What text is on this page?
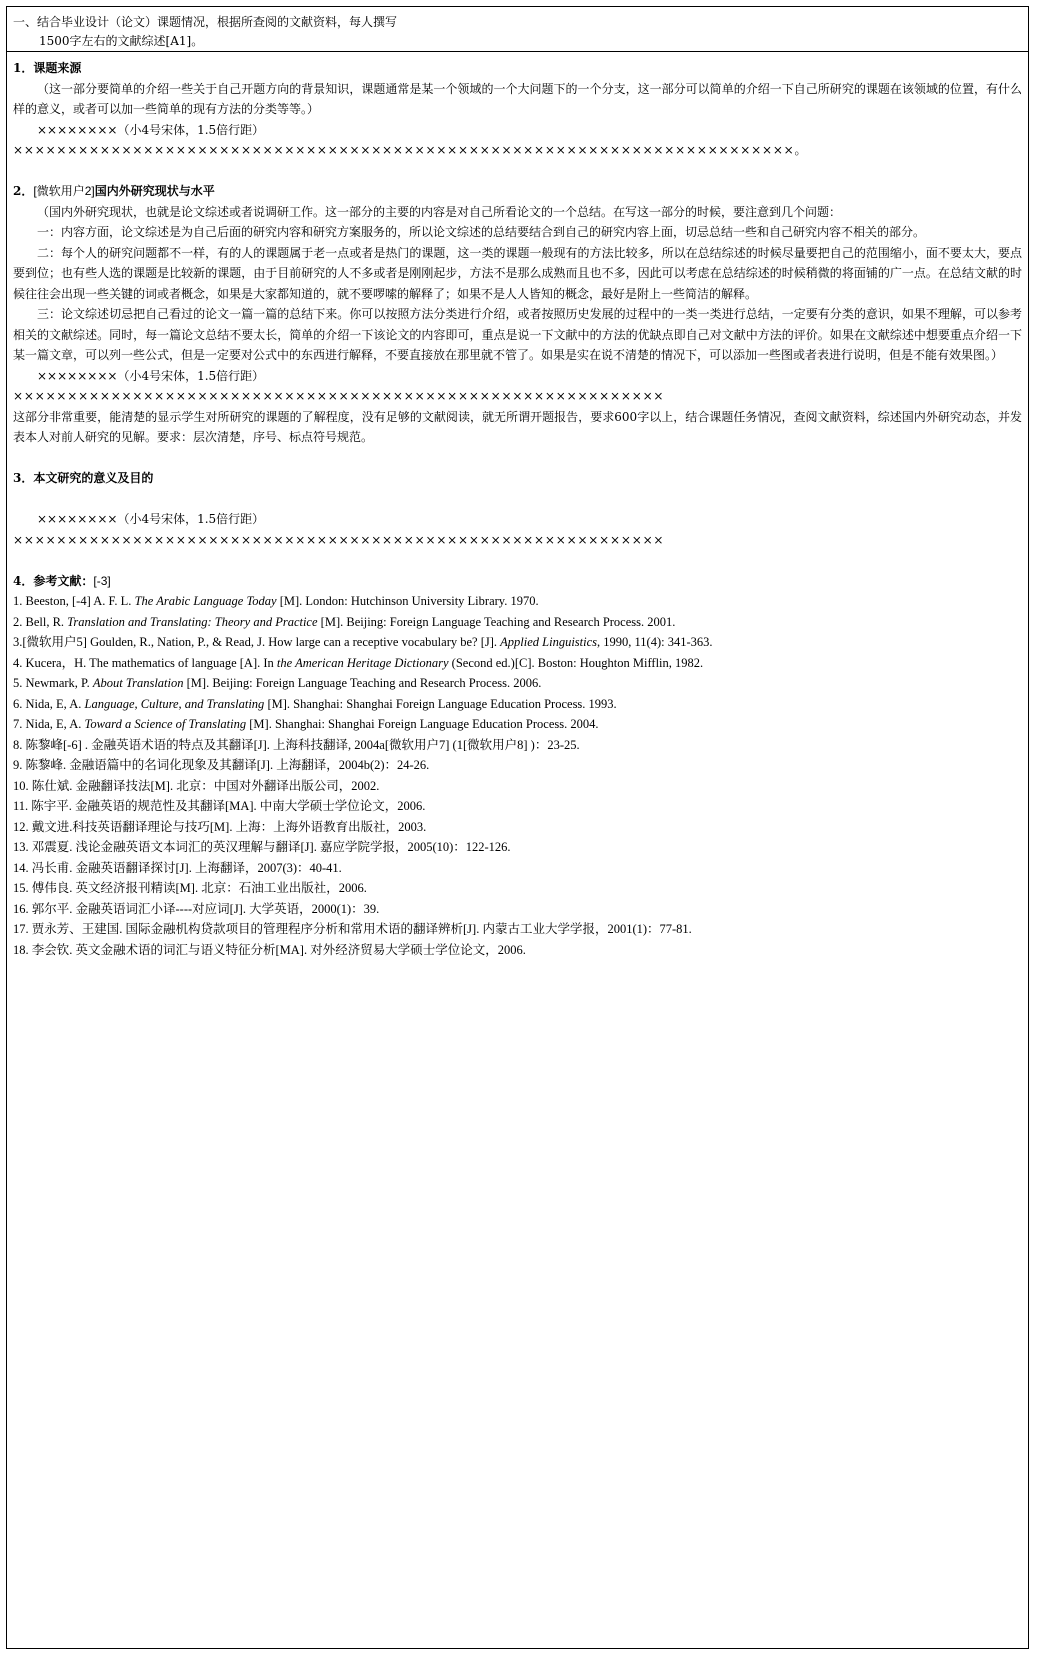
一、结合毕业设计（论文）课题情况，根据所查阅的文献资料，每人撰写
1500字左右的文献综述[A1]。

1．课题来源

（这一部分要简单的介绍一些关于自己开题方向的背景知识，课题通常是某一个领域的一个大问题下的一个分支，这一部分可以简单的介绍一下自己所研究的课题在该领域的位置，有什么样的意义，或者可以加一些简单的现有方法的分类等等。）

××××××××（小4号宋体，1.5倍行距）

××××××××××××××××××××××××××××××××××××××××××××××××××××××××××××××××××××××××。

2．[微软用户2]国内外研究现状与水平

（国内外研究现状，也就是论文综述或者说调研工作。这一部分的主要的内容是对自己所看论文的一个总结。在写这一部分的时候，要注意到几个问题：

一：内容方面，论文综述是为自己后面的研究内容和研究方案服务的，所以论文综述的总结要结合到自己的研究内容上面，切忌总结一些和自己研究内容不相关的部分。

二：每个人的研究问题都不一样，有的人的课题属于老一点或者是热门的课题，这一类的课题一般现有的方法比较多，所以在总结综述的时候尽量要把自己的范围缩小，面不要太大，要点要到位；也有些人选的课题是比较新的课题，由于目前研究的人不多或者是刚刚起步，方法不是那么成熟而且也不多，因此可以考虑在总结综述的时候稍微的将面铺的广一点。在总结文献的时候往往会出现一些关键的词或者概念，如果是大家都知道的，就不要啰嗦的解释了；如果不是人人皆知的概念，最好是附上一些简洁的解释。

三：论文综述切忌把自己看过的论文一篇一篇的总结下来。你可以按照方法分类进行介绍，或者按照历史发展的过程中的一类一类进行总结，一定要有分类的意识，如果不理解，可以参考相关的文献综述。同时，每一篇论文总结不要太长，简单的介绍一下该论文的内容即可，重点是说一下文献中的方法的优缺点即自己对文献中方法的评价。如果在文献综述中想要重点介绍一下某一篇文章，可以列一些公式，但是一定要对公式中的东西进行解释，不要直接放在那里就不管了。如果是实在说不清楚的情况下，可以添加一些图或者表进行说明，但是不能有效果图。）

××××××××（小4号宋体，1.5倍行距）

××××××××××××××××××××××××××××××××××××××××××××××××××××××××××××

这部分非常重要，能清楚的显示学生对所研究的课题的了解程度，没有足够的文献阅读，就无所谓开题报告，要求600字以上，结合课题任务情况，查阅文献资料，综述国内外研究动态，并发表本人对前人研究的见解。要求：层次清楚，序号、标点符号规范。

3．本文研究的意义及目的

××××××××（小4号宋体，1.5倍行距）

××××××××××××××××××××××××××××××××××××××××××××××××××××××××××××

4．参考文献：[-3]

1. Beeston, [-4] A. F. L. The Arabic Language Today [M]. London: Hutchinson University Library. 1970.

2. Bell, R. Translation and Translating: Theory and Practice [M]. Beijing: Foreign Language Teaching and Research Process. 2001.

3.[微软用户5] Goulden, R., Nation, P., & Read, J. How large can a receptive vocabulary be? [J]. Applied Linguistics, 1990, 11(4): 341-363.

4. Kucera，H. The mathematics of language [A]. In the American Heritage Dictionary (Second ed.)[C]. Boston: Houghton Mifflin, 1982.

5. Newmark, P. About Translation [M]. Beijing: Foreign Language Teaching and Research Process. 2006.

6. Nida, E, A. Language, Culture, and Translating [M]. Shanghai: Shanghai Foreign Language Education Process. 1993.

7. Nida, E, A. Toward a Science of Translating [M]. Shanghai: Shanghai Foreign Language Education Process. 2004.

8. 陈黎峰[-6] . 金融英语术语的特点及其翻译[J]. 上海科技翻译, 2004a[微软用户7] (1[微软用户8] )：23-25.

9. 陈黎峰. 金融语篇中的名词化现象及其翻译[J]. 上海翻译，2004b(2)：24-26.

10. 陈仕斌. 金融翻译技法[M]. 北京：中国对外翻译出版公司，2002.

11. 陈宇平. 金融英语的规范性及其翻译[MA]. 中南大学硕士学位论文，2006.

12. 戴文进.科技英语翻译理论与技巧[M]. 上海：上海外语教育出版社，2003.

13. 邓震夏. 浅论金融英语文本词汇的英汉理解与翻译[J]. 嘉应学院学报，2005(10)：122-126.

14. 冯长甫. 金融英语翻译探讨[J]. 上海翻译，2007(3)：40-41.

15. 傅伟良. 英文经济报刊精读[M]. 北京：石油工业出版社，2006.

16. 郭尔平. 金融英语词汇小译----对应词[J]. 大学英语，2000(1)：39.

17. 贾永芳、王建国. 国际金融机构贷款项目的管理程序分析和常用术语的翻译辨析[J]. 内蒙古工业大学学报，2001(1)：77-81.

18. 李会钦. 英文金融术语的词汇与语义特征分析[MA]. 对外经济贸易大学硕士学位论文，2006.
